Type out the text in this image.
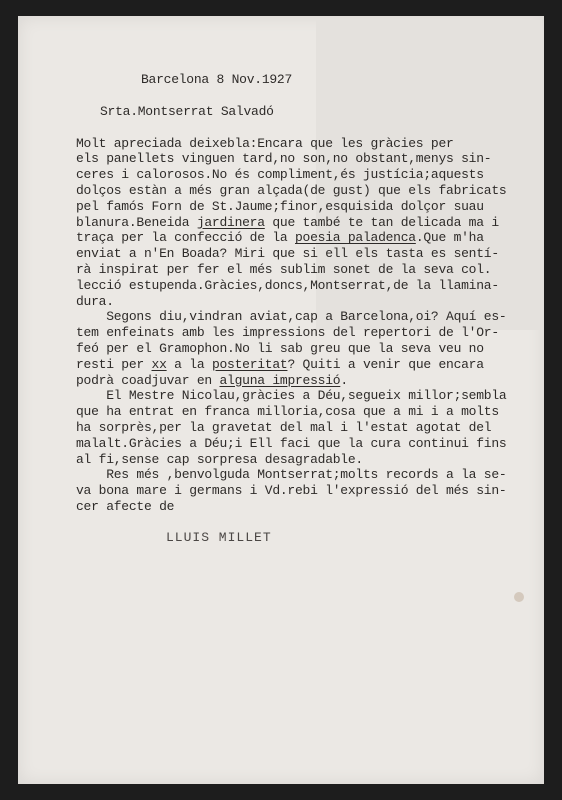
Barcelona 8 Nov.1927
Srta.Montserrat Salvadó
Molt apreciada deixebla:Encara que les gràcies per
els panellets vinguen tard,no son,no obstant,menys sin-
ceres i calorosos.No és compliment,és justícia;aquests
dolços estàn a més gran alçada(de gust) que els fabricats
pel famós Forn de St.Jaume;finor,esquisida dolçor suau
blanura.Beneida jardinera que també te tan delicada ma i
traça per la confecció de la poesia paladenca.Que m'ha
enviat a n'En Boada? Miri que si ell els tasta es sentí-
rà inspirat per fer el més sublim sonet de la seva col.
lecció estupenda.Gràcies,doncs,Montserrat,de la llamina-
dura.
Segons diu,vindran aviat,cap a Barcelona,oi? Aquí es-
tem enfeinats amb les impressions del repertori de l'Or-
feó per el Gramophon.No li sab greu que la seva veu no
resti per xx a la posteritat? Quiti a venir que encara
podrà coadjuvar en alguna impressió.
El Mestre Nicolau,gràcies a Déu,segueix millor;sembla
que ha entrat en franca milloria,cosa que a mi i a molts
ha sorprès,per la gravetat del mal i l'estat agotat del
malalt.Gràcies a Déu;i Ell faci que la cura continui fins
al fi,sense cap sorpresa desagradable.
Res més ,benvolguda Montserrat;molts records a la se-
va bona mare i germans i Vd.rebi l'expressió del més sin-
cer afecte de
LLUIS MILLET
